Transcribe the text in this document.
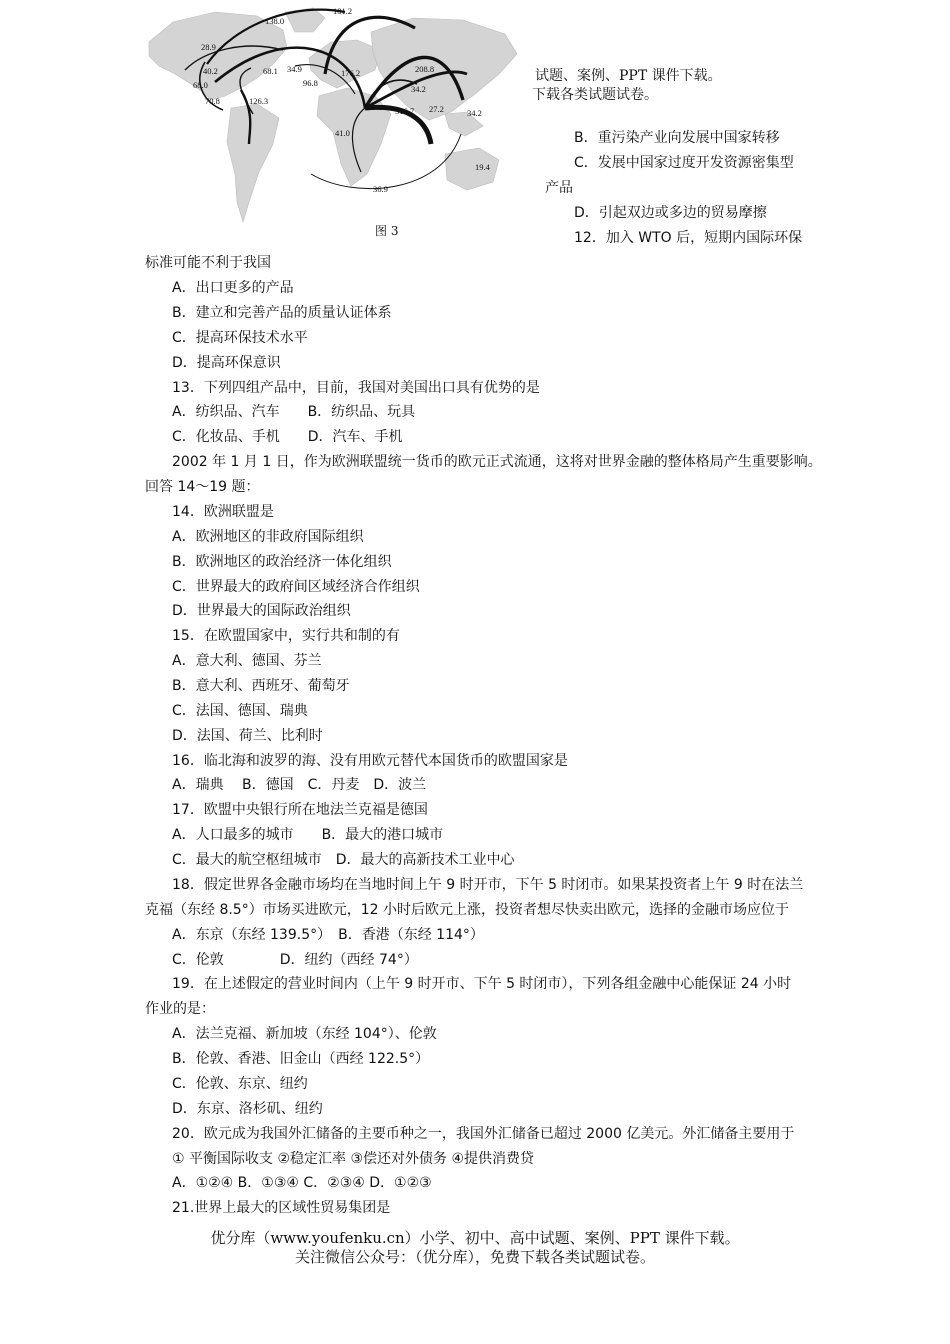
181.2
138.0
28.9
68.1 34.9
40.2
68.0	96.8
176.2	208.8
34.2
70.8	126.3
316.7 27.2	34.2
41.0
19.4
36.9
图 3
试题、案例、PPT 课件下载。
下载各类试题试卷。
B．重污染产业向发展中国家转移
C．发展中国家过度开发资源密集型
产品
D．引起双边或多边的贸易摩擦
12．加入 WTO 后，短期内国际环保
标准可能不利于我国
A．出口更多的产品
B．建立和完善产品的质量认证体系
C．提高环保技术水平
D．提高环保意识
13．下列四组产品中，目前，我国对美国出口具有优势的是
A．纺织品、汽车　　B．纺织品、玩具
C．化妆品、手机　　D．汽车、手机
2002 年 1 月 1 日，作为欧洲联盟统一货币的欧元正式流通，这将对世界金融的整体格局产生重要影响。
回答 14～19 题：
14．欧洲联盟是
A．欧洲地区的非政府国际组织
B．欧洲地区的政治经济一体化组织
C．世界最大的政府间区域经济合作组织
D．世界最大的国际政治组织
15．在欧盟国家中，实行共和制的有
A．意大利、德国、芬兰
B．意大利、西班牙、葡萄牙
C．法国、德国、瑞典
D．法国、荷兰、比利时
16．临北海和波罗的海、没有用欧元替代本国货币的欧盟国家是
A．瑞典　 B．德国　C．丹麦　D．波兰
17．欧盟中央银行所在地法兰克福是德国
A．人口最多的城市　　B．最大的港口城市
C．最大的航空枢纽城市　D．最大的高新技术工业中心
18．假定世界各金融市场均在当地时间上午 9 时开市，下午 5 时闭市。如果某投资者上午 9 时在法兰
克福（东经 8.5°）市场买进欧元，12 小时后欧元上涨，投资者想尽快卖出欧元，选择的金融市场应位于
A．东京（东经 139.5°）　B．香港（东经 114°）
C．伦敦　　　　D．纽约（西经 74°）
19．在上述假定的营业时间内（上午 9 时开市、下午 5 时闭市），下列各组金融中心能保证 24 小时
作业的是：
A．法兰克福、新加坡（东经 104°）、伦敦
B．伦敦、香港、旧金山（西经 122.5°）
C．伦敦、东京、纽约
D．东京、洛杉矶、纽约
20．欧元成为我国外汇储备的主要币种之一，我国外汇储备已超过 2000 亿美元。外汇储备主要用于
① 平衡国际收支 ②稳定汇率 ③偿还对外债务 ④提供消费贷
A．①②④ B．①③④ C．②③④ D．①②③
21.世界上最大的区域性贸易集团是
优分库（www.youfenku.cn）小学、初中、高中试题、案例、PPT 课件下载。
关注微信公众号：（优分库），免费下载各类试题试卷。
